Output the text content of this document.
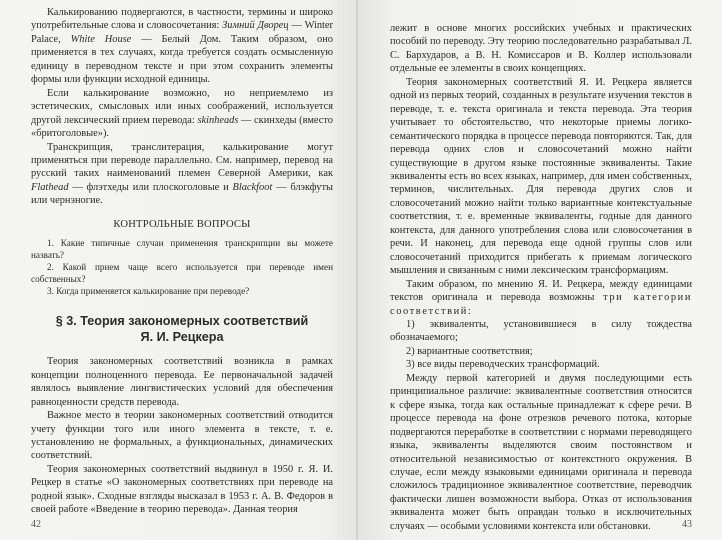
Калькированию подвергаются, в частности, термины и широко употребительные слова и словосочетания: Зимний Дворец — Winter Palace, White House — Белый Дом. Таким образом, оно применяется в тех случаях, когда требуется создать осмысленную единицу в переводном тексте и при этом сохранить элементы формы или функции исходной единицы.

Если калькирование возможно, но неприемлемо из эстетических, смысловых или иных соображений, используется другой лексический прием перевода: skinheads — скинхеды (вместо «бритоголовые»).

Транскрипция, транслитерация, калькирование могут применяться при переводе параллельно. См. например, перевод на русский таких наименований племен Северной Америки, как Flathead — флэтхеды или плоскоголовые и Blackfoot — блэкфуты или чернэногие.

КОНТРОЛЬНЫЕ ВОПРОСЫ

1. Какие типичные случаи применения транскрипции вы можете назвать?

2. Какой прием чаще всего используется при переводе имен собственных?

3. Когда применяется калькирование при переводе?

§ 3. Теория закономерных соответствий
Я. И. Рецкера

Теория закономерных соответствий возникла в рамках концепции полноценного перевода. Ее первоначальной задачей являлось выявление лингвистических условий для обеспечения равноценности средств перевода.

Важное место в теории закономерных соответствий отводится учету функции того или иного элемента в тексте, т. е. установлению не формальных, а функциональных, динамических соответствий.

Теория закономерных соответствий выдвинул в 1950 г. Я. И. Рецкер в статье «О закономерных соответствиях при переводе на родной язык». Сходные взгляды высказал в 1953 г. А. В. Федоров в своей работе «Введение в теорию перевода». Данная теория

42

лежит в основе многих российских учебных и практических пособий по переводу. Эту теорию последовательно разрабатывал Л. С. Бархударов, а В. Н. Комиссаров и В. Коллер использовали отдельные ее элементы в своих концепциях.

Теория закономерных соответствий Я. И. Рецкера является одной из первых теорий, созданных в результате изучения текстов в переводе, т. е. текста оригинала и текста перевода. Эта теория учитывает то обстоятельство, что некоторые приемы логико-семантического порядка в процессе перевода повторяются. Так, для перевода одних слов и словосочетаний можно найти существующие в другом языке постоянные эквиваленты. Такие эквиваленты есть во всех языках, например, для имен собственных, терминов, числительных. Для перевода других слов и словосочетаний можно найти только вариантные контекстуальные соответствия, т. е. временные эквиваленты, годные для данного контекста, для данного употребления слова или словосочетания в речи. И наконец, для перевода еще одной группы слов или словосочетаний приходится прибегать к приемам логического мышления и связанным с ними лексическим трансформациям.

Таким образом, по мнению Я. И. Рецкера, между единицами текстов оригинала и перевода возможны три категории соответствий:

1) эквиваленты, установившиеся в силу тождества обозначаемого;

2) вариантные соответствия;

3) все виды переводческих трансформаций.

Между первой категорией и двумя последующими есть принципиальное различие: эквивалентные соответствия относятся к сфере языка, тогда как остальные принадлежат к сфере речи. В процессе перевода на фоне отрезков речевого потока, которые подвергаются переработке в соответствии с нормами переводящего языка, эквиваленты выделяются своим постоянством и относительной независимостью от контекстного окружения. В случае, если между языковыми единицами оригинала и перевода сложилось традиционное эквивалентное соответствие, переводчик фактически лишен возможности выбора. Отказ от использования эквивалента может быть оправдан только в исключительных случаях — особыми условиями контекста или обстановки.	43
